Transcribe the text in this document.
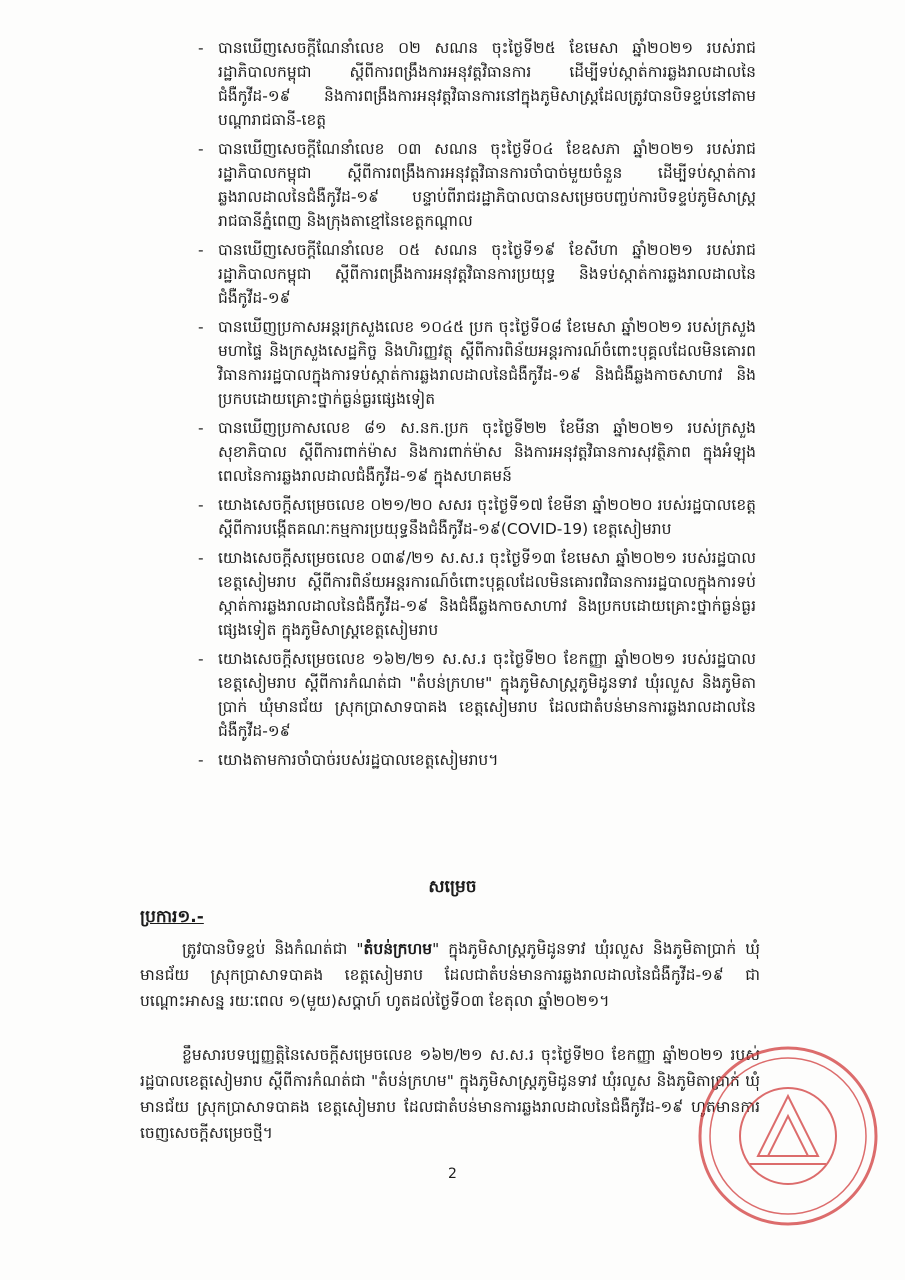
- បានឃើញសេចក្ដីណែនាំលេខ ០២ សណន ចុះថ្ងៃទី២៥ ខែមេសា ឆ្នាំ២០២១ របស់រាជរដ្ឋាភិបាលកម្ពុជា ស្ដីពីការពង្រឹងការអនុវត្តវិធានការ ដើម្បីទប់ស្កាត់ការឆ្លងរាលដាលនៃជំងឺកូវីដ-១៩ និងការពង្រឹងការអនុវត្តវិធានការនៅក្នុងភូមិសាស្ត្រដែលត្រូវបានបិទខ្ទប់នៅតាមបណ្ដារាជធានី-ខេត្ត
- បានឃើញសេចក្ដីណែនាំលេខ ០៣ សណន ចុះថ្ងៃទី០៤ ខែឧសភា ឆ្នាំ២០២១ របស់រាជរដ្ឋាភិបាលកម្ពុជា ស្ដីពីការពង្រឹងការអនុវត្តវិធានការចាំបាច់មួយចំនួន ដើម្បីទប់ស្កាត់ការឆ្លងរាលដាលនៃជំងឺកូវីដ-១៩ បន្ទាប់ពីរាជរដ្ឋាភិបាលបានសម្រេចបញ្ចប់ការបិទខ្ទប់ភូមិសាស្ត្ររាជធានីភ្នំពេញ និងក្រុងតាខ្មៅនៃខេត្តកណ្ដាល
- បានឃើញសេចក្ដីណែនាំលេខ ០៥ សណន ចុះថ្ងៃទី១៩ ខែសីហា ឆ្នាំ២០២១ របស់រាជរដ្ឋាភិបាលកម្ពុជា ស្ដីពីការពង្រឹងការអនុវត្តវិធានការប្រយុទ្ធ និងទប់ស្កាត់ការឆ្លងរាលដាលនៃជំងឺកូវីដ-១៩
- បានឃើញប្រកាសអន្តរក្រសួងលេខ ១០៤៥ ប្រក ចុះថ្ងៃទី០៨ ខែមេសា ឆ្នាំ២០២១ របស់ក្រសួងមហាផ្ទៃ និងក្រសួងសេដ្ឋកិច្ច និងហិរញ្ញវត្ថុ ស្ដីពីការពិន័យអន្តរការណ៍ចំពោះបុគ្គលដែលមិនគោរពវិធានការរដ្ឋបាលក្នុងការទប់ស្កាត់ការឆ្លងរាលដាលនៃជំងឺកូវីដ-១៩ និងជំងឺឆ្លងកាចសាហាវ និងប្រកបដោយគ្រោះថ្នាក់ធ្ងន់ធ្ងរផ្សេងទៀត
- បានឃើញប្រកាសលេខ ៨១ ស.នក.ប្រក ចុះថ្ងៃទី២២ ខែមីនា ឆ្នាំ២០២១ របស់ក្រសួងសុខាភិបាល ស្ដីពីការពាក់ម៉ាស និងការពាក់ម៉ាស និងការអនុវត្តវិធានការសុវត្ថិភាព ក្នុងអំឡុងពេលនៃការឆ្លងរាលដាលជំងឺកូវីដ-១៩ ក្នុងសហគមន៍
- យោងសេចក្ដីសម្រេចលេខ ០២១/២០ សសរ ចុះថ្ងៃទី១៧ ខែមីនា ឆ្នាំ២០២០ របស់រដ្ឋបាលខេត្ត ស្ដីពីការបង្កើតគណៈកម្មការប្រយុទ្ធនឹងជំងឺកូវីដ-១៩(COVID-19) ខេត្តសៀមរាប
- យោងសេចក្ដីសម្រេចលេខ ០៣៩/២១ ស.ស.រ ចុះថ្ងៃទី១៣ ខែមេសា ឆ្នាំ២០២១ របស់រដ្ឋបាលខេត្តសៀមរាប ស្ដីពីការពិន័យអន្តរការណ៍ចំពោះបុគ្គលដែលមិនគោរពវិធានការរដ្ឋបាលក្នុងការទប់ស្កាត់ការឆ្លងរាលដាលនៃជំងឺកូវីដ-១៩ និងជំងឺឆ្លងកាចសាហាវ និងប្រកបដោយគ្រោះថ្នាក់ធ្ងន់ធ្ងរផ្សេងទៀត ក្នុងភូមិសាស្ត្រខេត្តសៀមរាប
- យោងសេចក្ដីសម្រេចលេខ ១៦២/២១ ស.ស.រ ចុះថ្ងៃទី២០ ខែកញ្ញា ឆ្នាំ២០២១ របស់រដ្ឋបាលខេត្តសៀមរាប ស្ដីពីការកំណត់ជា "តំបន់ក្រហម" ក្នុងភូមិសាស្ត្រភូមិដូនទាវ ឃុំរលួស និងភូមិតាប្រាក់ ឃុំមានជ័យ ស្រុកប្រាសាទបាគង ខេត្តសៀមរាប ដែលជាតំបន់មានការឆ្លងរាលដាលនៃជំងឺកូវីដ-១៩
- យោងតាមការចាំបាច់របស់រដ្ឋបាលខេត្តសៀមរាប។
សម្រេច
ប្រការ១.-
ត្រូវបានបិទខ្ទប់ និងកំណត់ជា "តំបន់ក្រហម" ក្នុងភូមិសាស្ត្រភូមិដូនទាវ ឃុំរលួស និងភូមិតាប្រាក់ ឃុំមានជ័យ ស្រុកប្រាសាទបាគង ខេត្តសៀមរាប ដែលជាតំបន់មានការឆ្លងរាលដាលនៃជំងឺកូវីដ-១៩ ជាបណ្ដោះអាសន្ន រយៈពេល ១(មួយ)សប្ដាហ៍ ហូតដល់ថ្ងៃទី០៣ ខែតុលា ឆ្នាំ២០២១។
ខ្លឹមសារបទប្បញ្ញត្តិនៃសេចក្ដីសម្រេចលេខ ១៦២/២១ ស.ស.រ ចុះថ្ងៃទី២០ ខែកញ្ញា ឆ្នាំ២០២១ របស់រដ្ឋបាលខេត្តសៀមរាប ស្ដីពីការកំណត់ជា "តំបន់ក្រហម" ក្នុងភូមិសាស្ត្រភូមិដូនទាវ ឃុំរលួស និងភូមិតាប្រាក់ ឃុំមានជ័យ ស្រុកប្រាសាទបាគង ខេត្តសៀមរាប ដែលជាតំបន់មានការឆ្លងរាលដាលនៃជំងឺកូវីដ-១៩ ហូតមានការចេញសេចក្ដីសម្រេចថ្មី។
2
